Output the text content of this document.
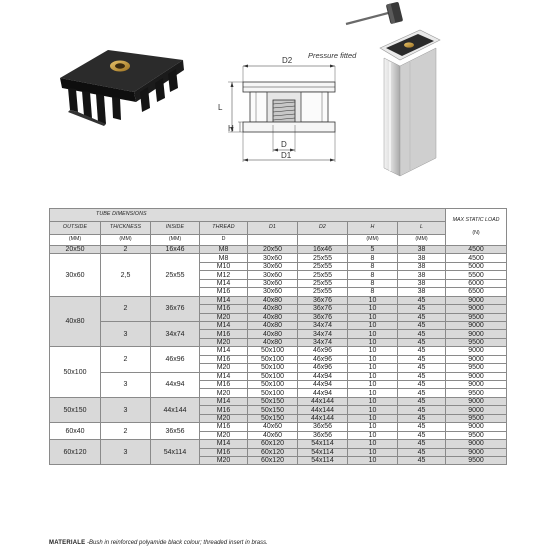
D2
L
H
D
D1
Pressure fitted
TUBE DIMENSIONS								MAX STATIC LOAD
(N)

OUTSIDE	THICKNESS	INSIDE	THREAD	D1	D2	H	L	
(MM)	(MM)	(MM)	D			(MM)	(MM)	
20x50	2	16x46	M8	20x50	16x46	5	38	4500
30x60	2,5	25x55	M8	30x60	25x55	8	38	4500
			M10	30x60	25x55	8	38	5000
			M12	30x60	25x55	8	38	5500
			M14	30x60	25x55	8	38	6000
			M16	30x60	25x55	8	38	6500
40x80	2	36x76	M14	40x80	36x76	10	45	9000
			M16	40x80	36x76	10	45	9000
			M20	40x80	36x76	10	45	9500
	3	34x74	M14	40x80	34x74	10	45	9000
			M16	40x80	34x74	10	45	9000
			M20	40x80	34x74	10	45	9500
50x100	2	46x96	M14	50x100	46x96	10	45	9000
			M16	50x100	46x96	10	45	9000
			M20	50x100	46x96	10	45	9500
	3	44x94	M14	50x100	44x94	10	45	9000
			M16	50x100	44x94	10	45	9000
			M20	50x100	44x94	10	45	9500
50x150	3	44x144	M14	50x150	44x144	10	45	9000
			M16	50x150	44x144	10	45	9000
			M20	50x150	44x144	10	45	9500
60x40	2	36x56	M16	40x60	36x56	10	45	9000
			M20	40x60	36x56	10	45	9500
60x120	3	54x114	M14	60x120	54x114	10	45	9000
			M16	60x120	54x114	10	45	9000
			M20	60x120	54x114	10	45	9500
MATERIALE -Bush in reinforced polyamide black colour; threaded insert in brass.
